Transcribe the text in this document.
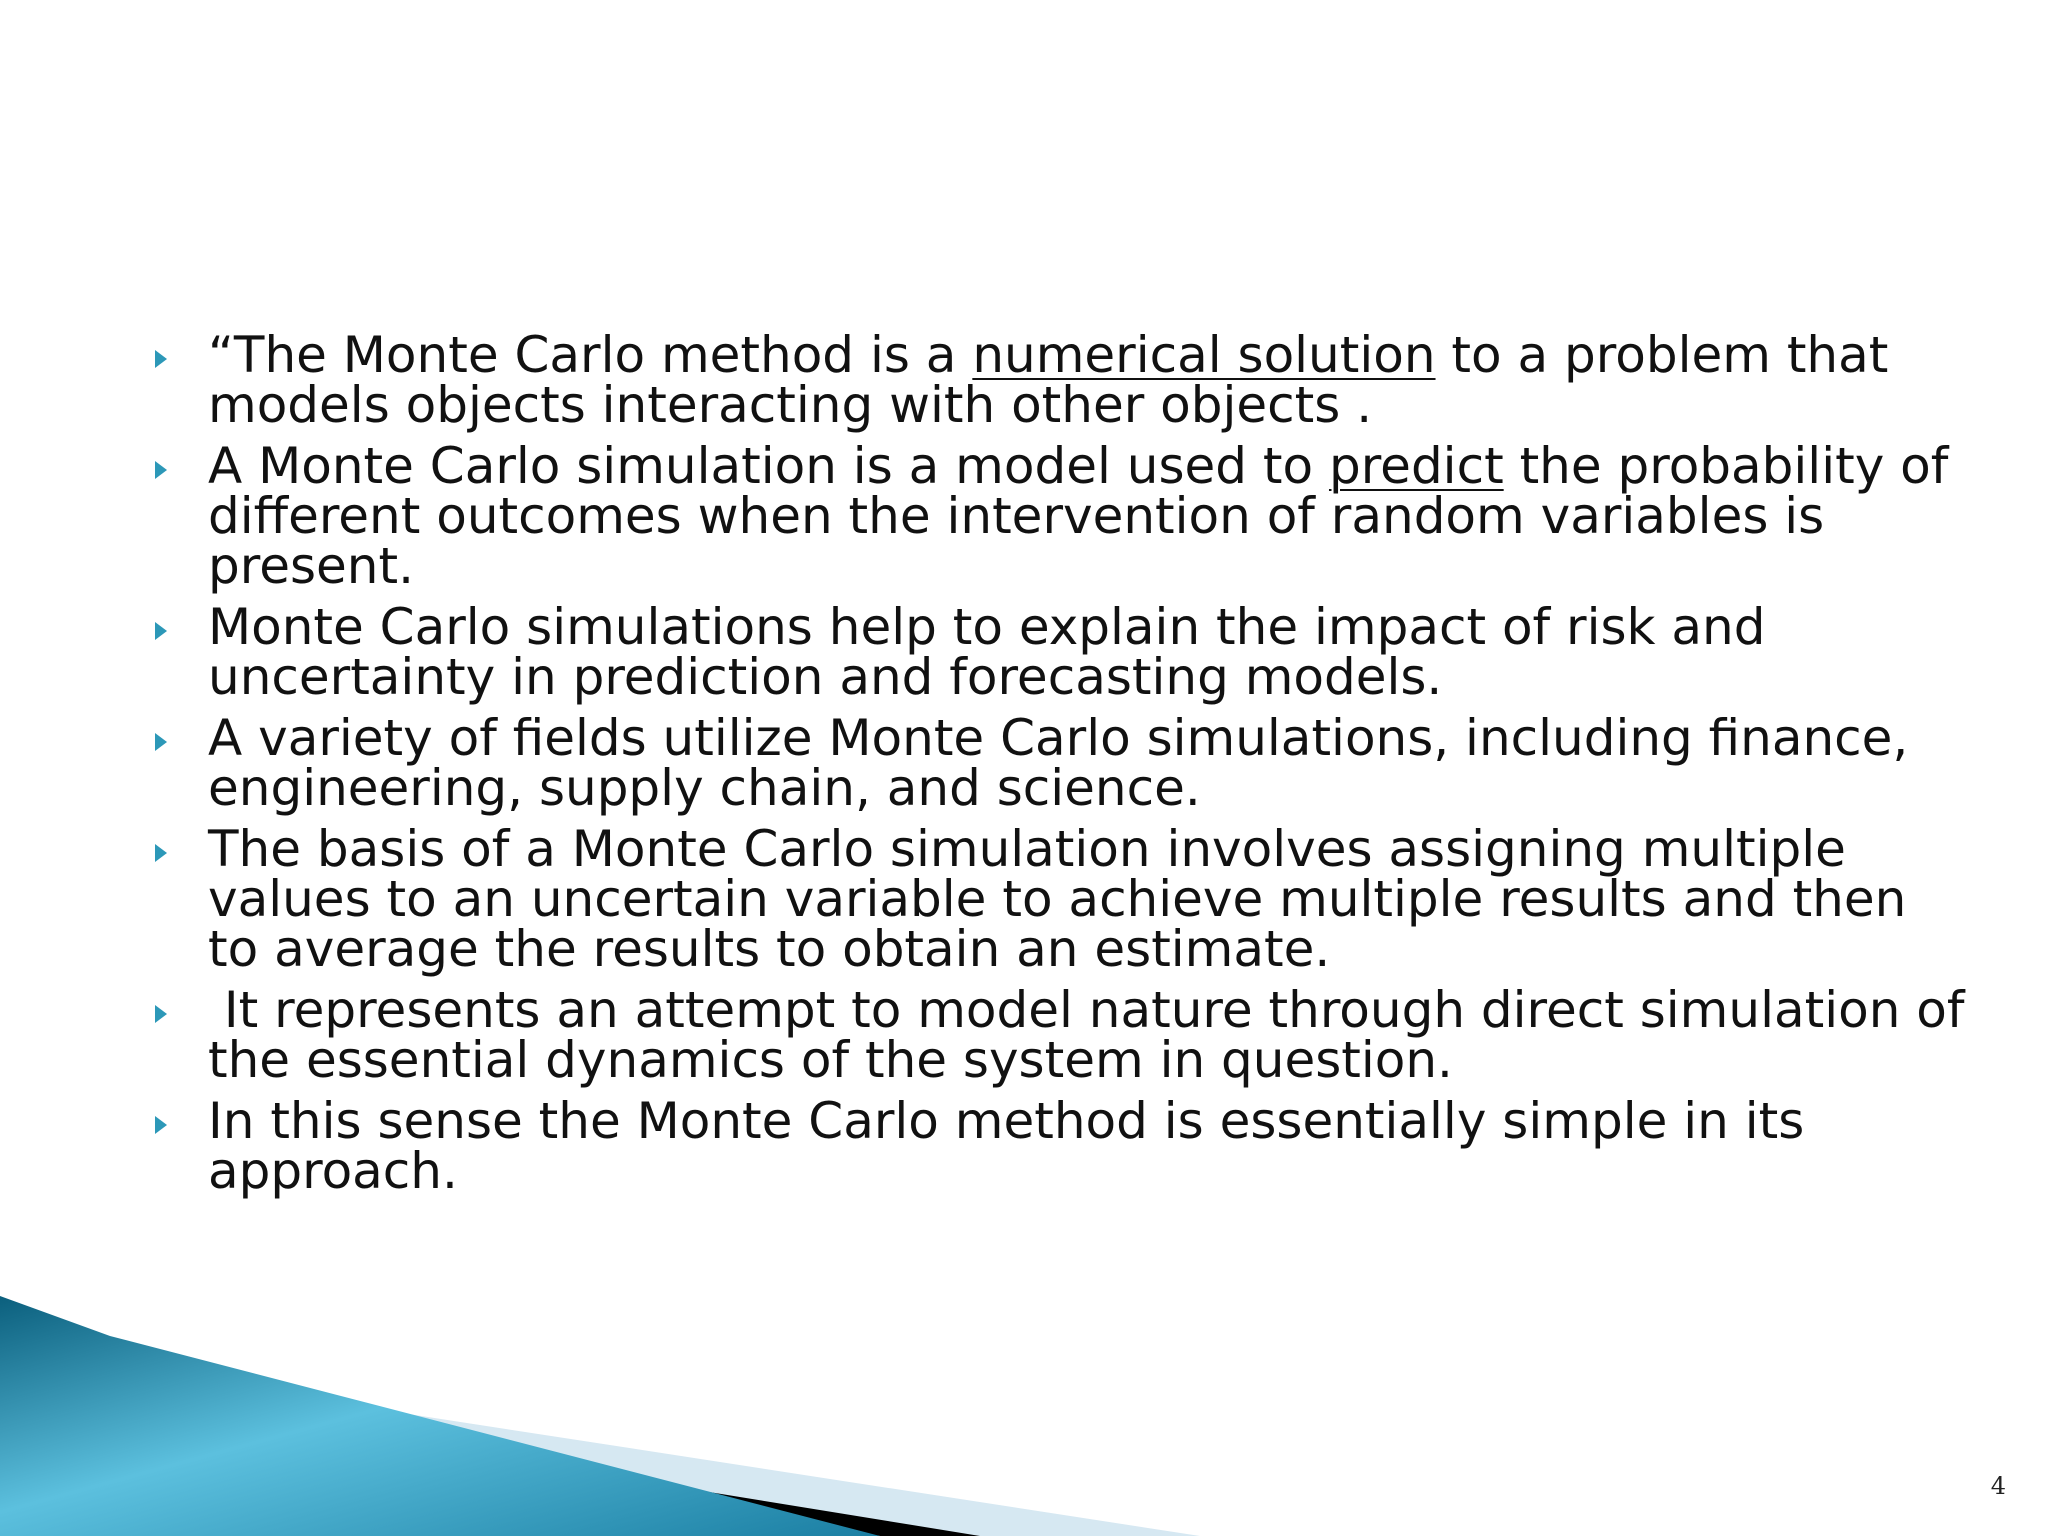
“The Monte Carlo method is a numerical solution to a problem that models objects interacting with other objects .
A Monte Carlo simulation is a model used to predict the probability of different outcomes when the intervention of random variables is present.
Monte Carlo simulations help to explain the impact of risk and uncertainty in prediction and forecasting models.
A variety of fields utilize Monte Carlo simulations, including finance, engineering, supply chain, and science.
The basis of a Monte Carlo simulation involves assigning multiple values to an uncertain variable to achieve multiple results and then to average the results to obtain an estimate.
It represents an attempt to model nature through direct simulation of the essential dynamics of the system in question.
In this sense the Monte Carlo method is essentially simple in its approach.
4
